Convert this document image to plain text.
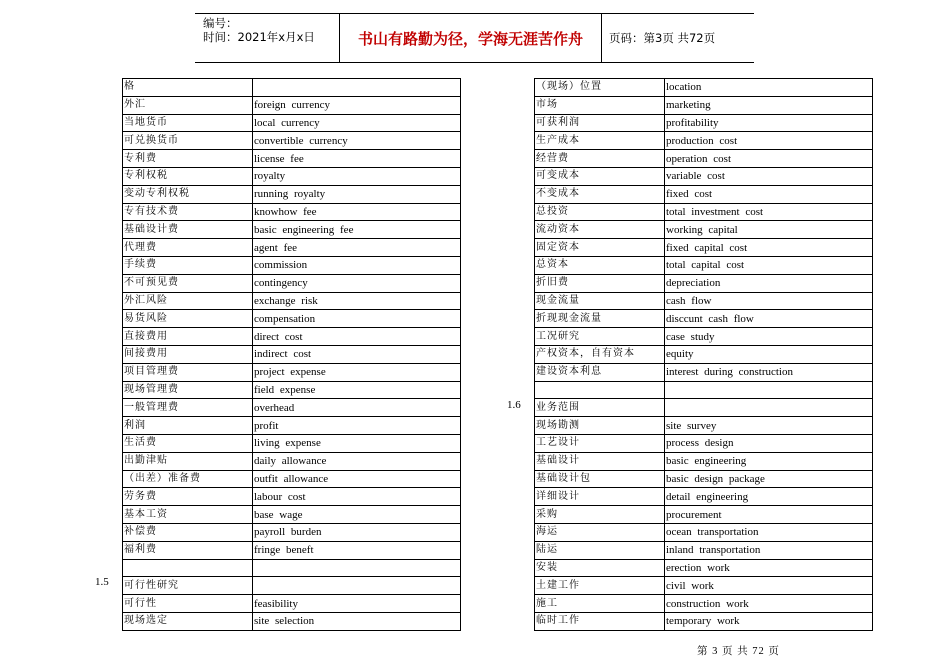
编号：
时间：2021年x月x日	书山有路勤为径，学海无涯苦作舟	页码：第3页 共72页
格	
外汇	foreign currency
当地货币	local currency
可兑换货币	convertible currency
专利费	license fee
专利权税	royalty
变动专利权税	running royalty
专有技术费	knowhow fee
基础设计费	basic engineering fee
代理费	agent fee
手续费	commission
不可预见费	contingency
外汇风险	exchange risk
易货风险	compensation
直接费用	direct cost
间接费用	indirect cost
项目管理费	project expense
现场管理费	field expense
一般管理费	overhead
利润	profit
生活费	living expense
出勤津贴	daily allowance
（出差）准备费	outfit allowance
劳务费	labour cost
基本工资	base wage
补偿费	payroll burden
福利费	fringe beneft

可行性研究	
可行性	feasibility
现场选定	site selection
（现场）位置	location
市场	marketing
可获利润	profitability
生产成本	production cost
经营费	operation cost
可变成本	variable cost
不变成本	fixed cost
总投资	total investment cost
流动资本	working capital
固定资本	fixed capital cost
总资本	total capital cost
折旧费	depreciation
现金流量	cash flow
折现现金流量	disccunt cash flow
工况研究	case study
产权资本，自有资本	equity
建设资本利息	interest during construction

业务范围	
现场勘测	site survey
工艺设计	process design
基础设计	basic engineering
基础设计包	basic design package
详细设计	detail engineering
采购	procurement
海运	ocean transportation
陆运	inland transportation
安装	erection work
土建工作	civil work
施工	construction work
临时工作	temporary work
1.5
1.6
第 3 页 共 72 页
